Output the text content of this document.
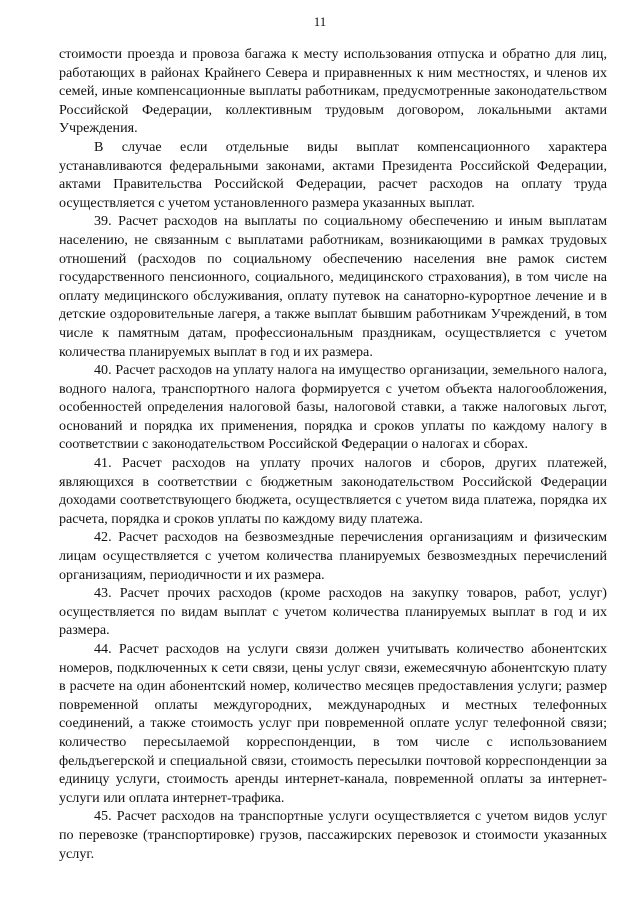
11

стоимости проезда и провоза багажа к месту использования отпуска и обратно для лиц, работающих в районах Крайнего Севера и приравненных к ним местностях, и членов их семей, иные компенсационные выплаты работникам, предусмотренные законодательством Российской Федерации, коллективным трудовым договором, локальными актами Учреждения.

В случае если отдельные виды выплат компенсационного характера устанавливаются федеральными законами, актами Президента Российской Федерации, актами Правительства Российской Федерации, расчет расходов на оплату труда осуществляется с учетом установленного размера указанных выплат.

39. Расчет расходов на выплаты по социальному обеспечению и иным выплатам населению, не связанным с выплатами работникам, возникающими в рамках трудовых отношений (расходов по социальному обеспечению населения вне рамок систем государственного пенсионного, социального, медицинского страхования), в том числе на оплату медицинского обслуживания, оплату путевок на санаторно-курортное лечение и в детские оздоровительные лагеря, а также выплат бывшим работникам Учреждений, в том числе к памятным датам, профессиональным праздникам, осуществляется с учетом количества планируемых выплат в год и их размера.

40. Расчет расходов на уплату налога на имущество организации, земельного налога, водного налога, транспортного налога формируется с учетом объекта налогообложения, особенностей определения налоговой базы, налоговой ставки, а также налоговых льгот, оснований и порядка их применения, порядка и сроков уплаты по каждому налогу в соответствии с законодательством Российской Федерации о налогах и сборах.

41. Расчет расходов на уплату прочих налогов и сборов, других платежей, являющихся в соответствии с бюджетным законодательством Российской Федерации доходами соответствующего бюджета, осуществляется с учетом вида платежа, порядка их расчета, порядка и сроков уплаты по каждому виду платежа.

42. Расчет расходов на безвозмездные перечисления организациям и физическим лицам осуществляется с учетом количества планируемых безвозмездных перечислений организациям, периодичности и их размера.

43. Расчет прочих расходов (кроме расходов на закупку товаров, работ, услуг) осуществляется по видам выплат с учетом количества планируемых выплат в год и их размера.

44. Расчет расходов на услуги связи должен учитывать количество абонентских номеров, подключенных к сети связи, цены услуг связи, ежемесячную абонентскую плату в расчете на один абонентский номер, количество месяцев предоставления услуги; размер повременной оплаты междугородних, международных и местных телефонных соединений, а также стоимость услуг при повременной оплате услуг телефонной связи; количество пересылаемой корреспонденции, в том числе с использованием фельдъегерской и специальной связи, стоимость пересылки почтовой корреспонденции за единицу услуги, стоимость аренды интернет-канала, повременной оплаты за интернет-услуги или оплата интернет-трафика.

45. Расчет расходов на транспортные услуги осуществляется с учетом видов услуг по перевозке (транспортировке) грузов, пассажирских перевозок и стоимости указанных услуг.
